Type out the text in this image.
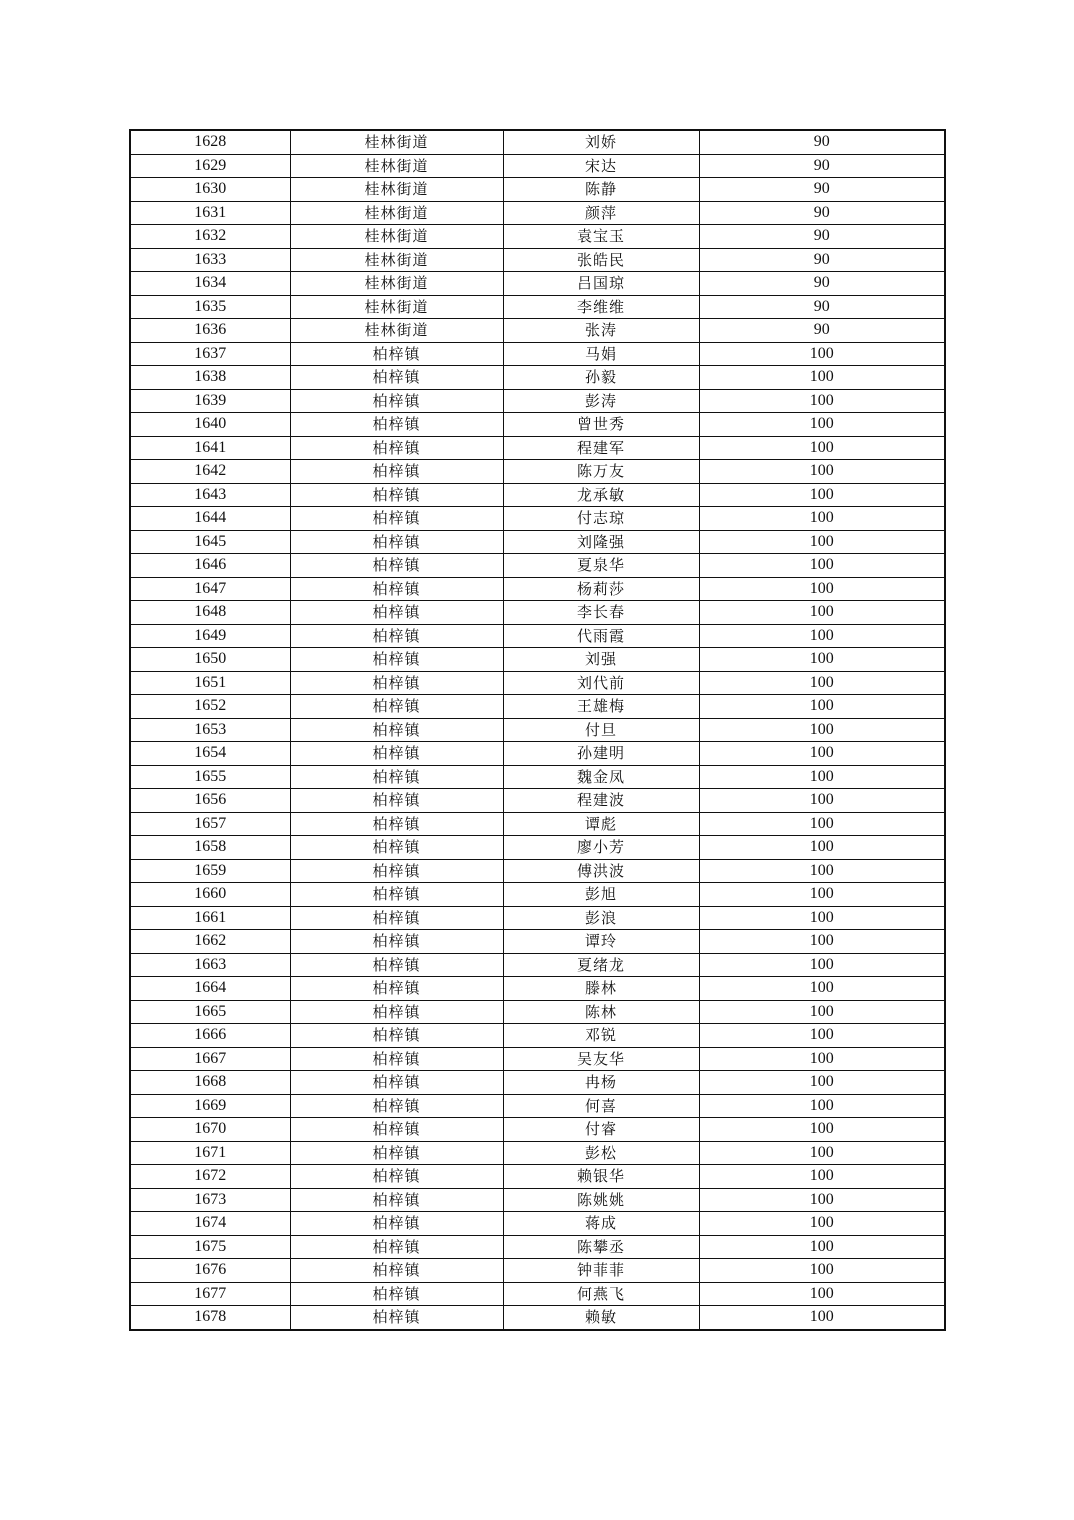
1628	桂林街道	刘娇	90
1629	桂林街道	宋达	90
1630	桂林街道	陈静	90
1631	桂林街道	颜萍	90
1632	桂林街道	袁宝玉	90
1633	桂林街道	张皓民	90
1634	桂林街道	吕国琼	90
1635	桂林街道	李维维	90
1636	桂林街道	张涛	90
1637	柏梓镇	马娟	100
1638	柏梓镇	孙毅	100
1639	柏梓镇	彭涛	100
1640	柏梓镇	曾世秀	100
1641	柏梓镇	程建军	100
1642	柏梓镇	陈万友	100
1643	柏梓镇	龙承敏	100
1644	柏梓镇	付志琼	100
1645	柏梓镇	刘隆强	100
1646	柏梓镇	夏泉华	100
1647	柏梓镇	杨莉莎	100
1648	柏梓镇	李长春	100
1649	柏梓镇	代雨霞	100
1650	柏梓镇	刘强	100
1651	柏梓镇	刘代前	100
1652	柏梓镇	王雄梅	100
1653	柏梓镇	付旦	100
1654	柏梓镇	孙建明	100
1655	柏梓镇	魏金凤	100
1656	柏梓镇	程建波	100
1657	柏梓镇	谭彪	100
1658	柏梓镇	廖小芳	100
1659	柏梓镇	傅洪波	100
1660	柏梓镇	彭旭	100
1661	柏梓镇	彭浪	100
1662	柏梓镇	谭玲	100
1663	柏梓镇	夏绪龙	100
1664	柏梓镇	滕林	100
1665	柏梓镇	陈林	100
1666	柏梓镇	邓锐	100
1667	柏梓镇	吴友华	100
1668	柏梓镇	冉杨	100
1669	柏梓镇	何喜	100
1670	柏梓镇	付睿	100
1671	柏梓镇	彭松	100
1672	柏梓镇	赖银华	100
1673	柏梓镇	陈姚姚	100
1674	柏梓镇	蒋成	100
1675	柏梓镇	陈攀丞	100
1676	柏梓镇	钟菲菲	100
1677	柏梓镇	何燕飞	100
1678	柏梓镇	赖敏	100
